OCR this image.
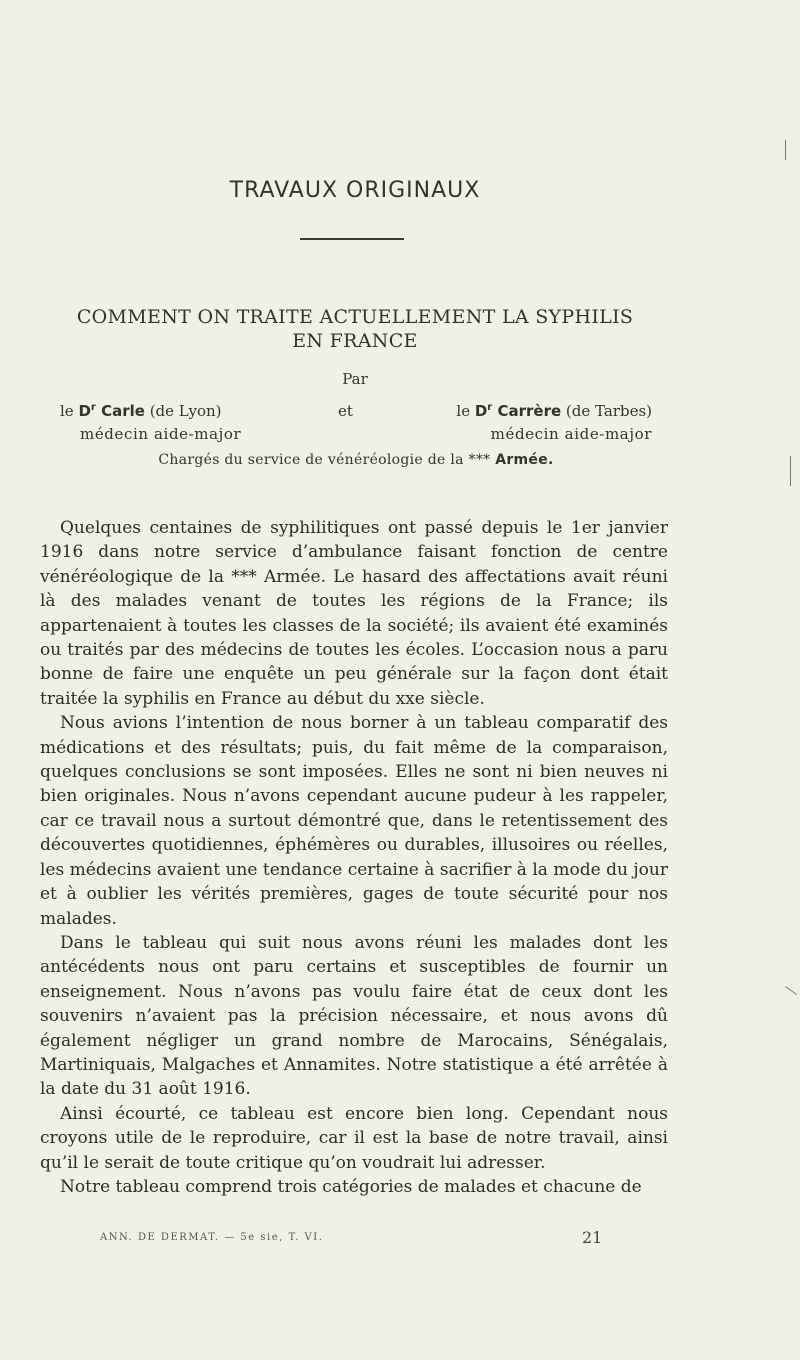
TRAVAUX ORIGINAUX
COMMENT ON TRAITE ACTUELLEMENT LA SYPHILIS
EN FRANCE
Par
le $D^r$ Carle (de Lyon)	et	le $D^r$ Carrère (de Tarbes)
médecin aide-major	médecin aide-major
Chargés du service de vénéréologie de la *** Armée.

Quelques centaines de syphilitiques ont passé depuis le 1er janvier 1916 dans notre service d’ambulance faisant fonction de centre vénéréologique de la *** Armée. Le hasard des affectations avait réuni là des malades venant de toutes les régions de la France; ils appartenaient à toutes les classes de la société; ils avaient été examinés ou traités par des médecins de toutes les écoles. L’occasion nous a paru bonne de faire une enquête un peu générale sur la façon dont était traitée la syphilis en France au début du xxe siècle.

Nous avions l’intention de nous borner à un tableau comparatif des médications et des résultats; puis, du fait même de la comparaison, quelques conclusions se sont imposées. Elles ne sont ni bien neuves ni bien originales. Nous n’avons cependant aucune pudeur à les rappeler, car ce travail nous a surtout démontré que, dans le retentissement des découvertes quotidiennes, éphémères ou durables, illusoires ou réelles, les médecins avaient une tendance certaine à sacrifier à la mode du jour et à oublier les vérités premières, gages de toute sécurité pour nos malades.

Dans le tableau qui suit nous avons réuni les malades dont les antécédents nous ont paru certains et susceptibles de fournir un enseignement. Nous n’avons pas voulu faire état de ceux dont les souvenirs n’avaient pas la précision nécessaire, et nous avons dû également négliger un grand nombre de Marocains, Sénégalais, Martiniquais, Malgaches et Annamites. Notre statistique a été arrêtée à la date du 31 août 1916.

Ainsi écourté, ce tableau est encore bien long. Cependant nous croyons utile de le reproduire, car il est la base de notre travail, ainsi qu’il le serait de toute critique qu’on voudrait lui adresser.

Notre tableau comprend trois catégories de malades et chacune de

ANN. DE DERMAT. — 5e sie, T. VI.	21
